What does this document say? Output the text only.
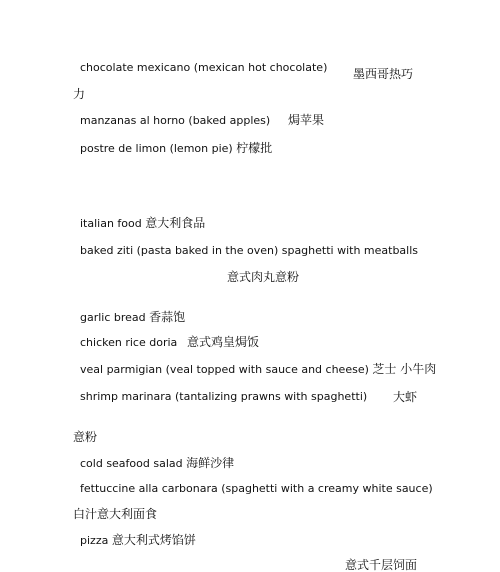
chocolate mexicano (mexican hot chocolate) 墨西哥热巧
力
manzanas al horno (baked apples) 焗苹果
postre de limon (lemon pie) 柠檬批
italian food 意大利食品
baked ziti (pasta baked in the oven) spaghetti with meatballs
意式肉丸意粉
garlic bread 香蒜饱
chicken rice doria 意式鸡皇焗饭
veal parmigian (veal topped with sauce and cheese) 芝士 小牛肉
shrimp marinara (tantalizing prawns with spaghetti) 大虾
意粉
cold seafood salad 海鲜沙律
fettuccine alla carbonara (spaghetti with a creamy white sauce)
白汁意大利面食
pizza 意大利式烤馅饼
意式千层饲面
